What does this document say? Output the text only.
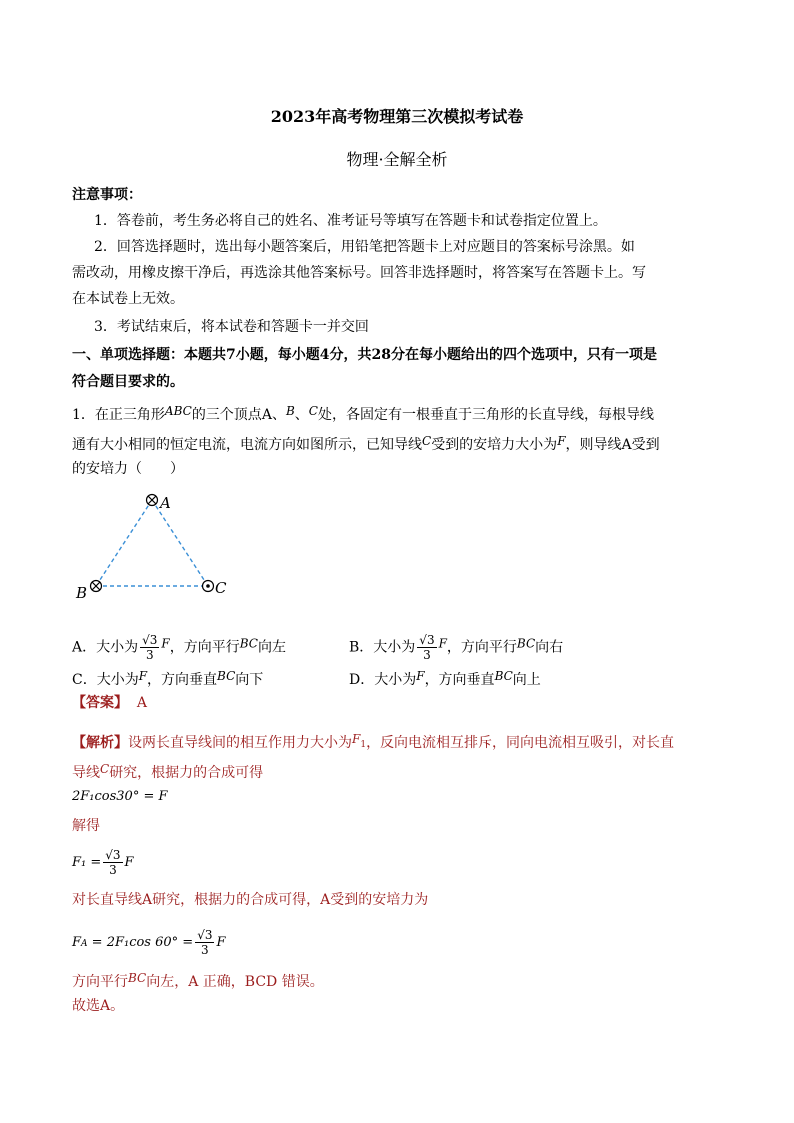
2023年高考物理第三次模拟考试卷
物理·全解全析
注意事项：
1．答卷前，考生务必将自己的姓名、准考证号等填写在答题卡和试卷指定位置上。
2．回答选择题时，选出每小题答案后，用铅笔把答题卡上对应题目的答案标号涂黑。如
需改动，用橡皮擦干净后，再选涂其他答案标号。回答非选择题时，将答案写在答题卡上。写
在本试卷上无效。
3．考试结束后，将本试卷和答题卡一并交回
一、单项选择题：本题共7小题，每小题4分，共28分在每小题给出的四个选项中，只有一项是
符合题目要求的。
1．在正三角形ABC的三个顶点A、B、C处，各固定有一根垂直于三角形的长直导线，每根导线
通有大小相同的恒定电流，电流方向如图所示，已知导线C受到的安培力大小为F，则导线A受到
的安培力（　　）
A
B	C
A．大小为 $\frac{√3}{3}$ F，方向平行BC向左	B．大小为 $\frac{√3}{3}$ F，方向平行BC向右
C．大小为F，方向垂直BC向下	D．大小为F，方向垂直BC向上
【答案】 A
【解析】设两长直导线间的相互作用力大小为F1，反向电流相互排斥，同向电流相互吸引，对长直
导线C研究，根据力的合成可得
2F₁cos30° = F
解得
$F_1 = \frac{√3}{3}$ F
对长直导线A研究，根据力的合成可得，A受到的安培力为
FA = 2F₁cos $60^\circ = \frac{√3}{3}$ F
方向平行BC向左，A 正确，BCD 错误。
故选A。
